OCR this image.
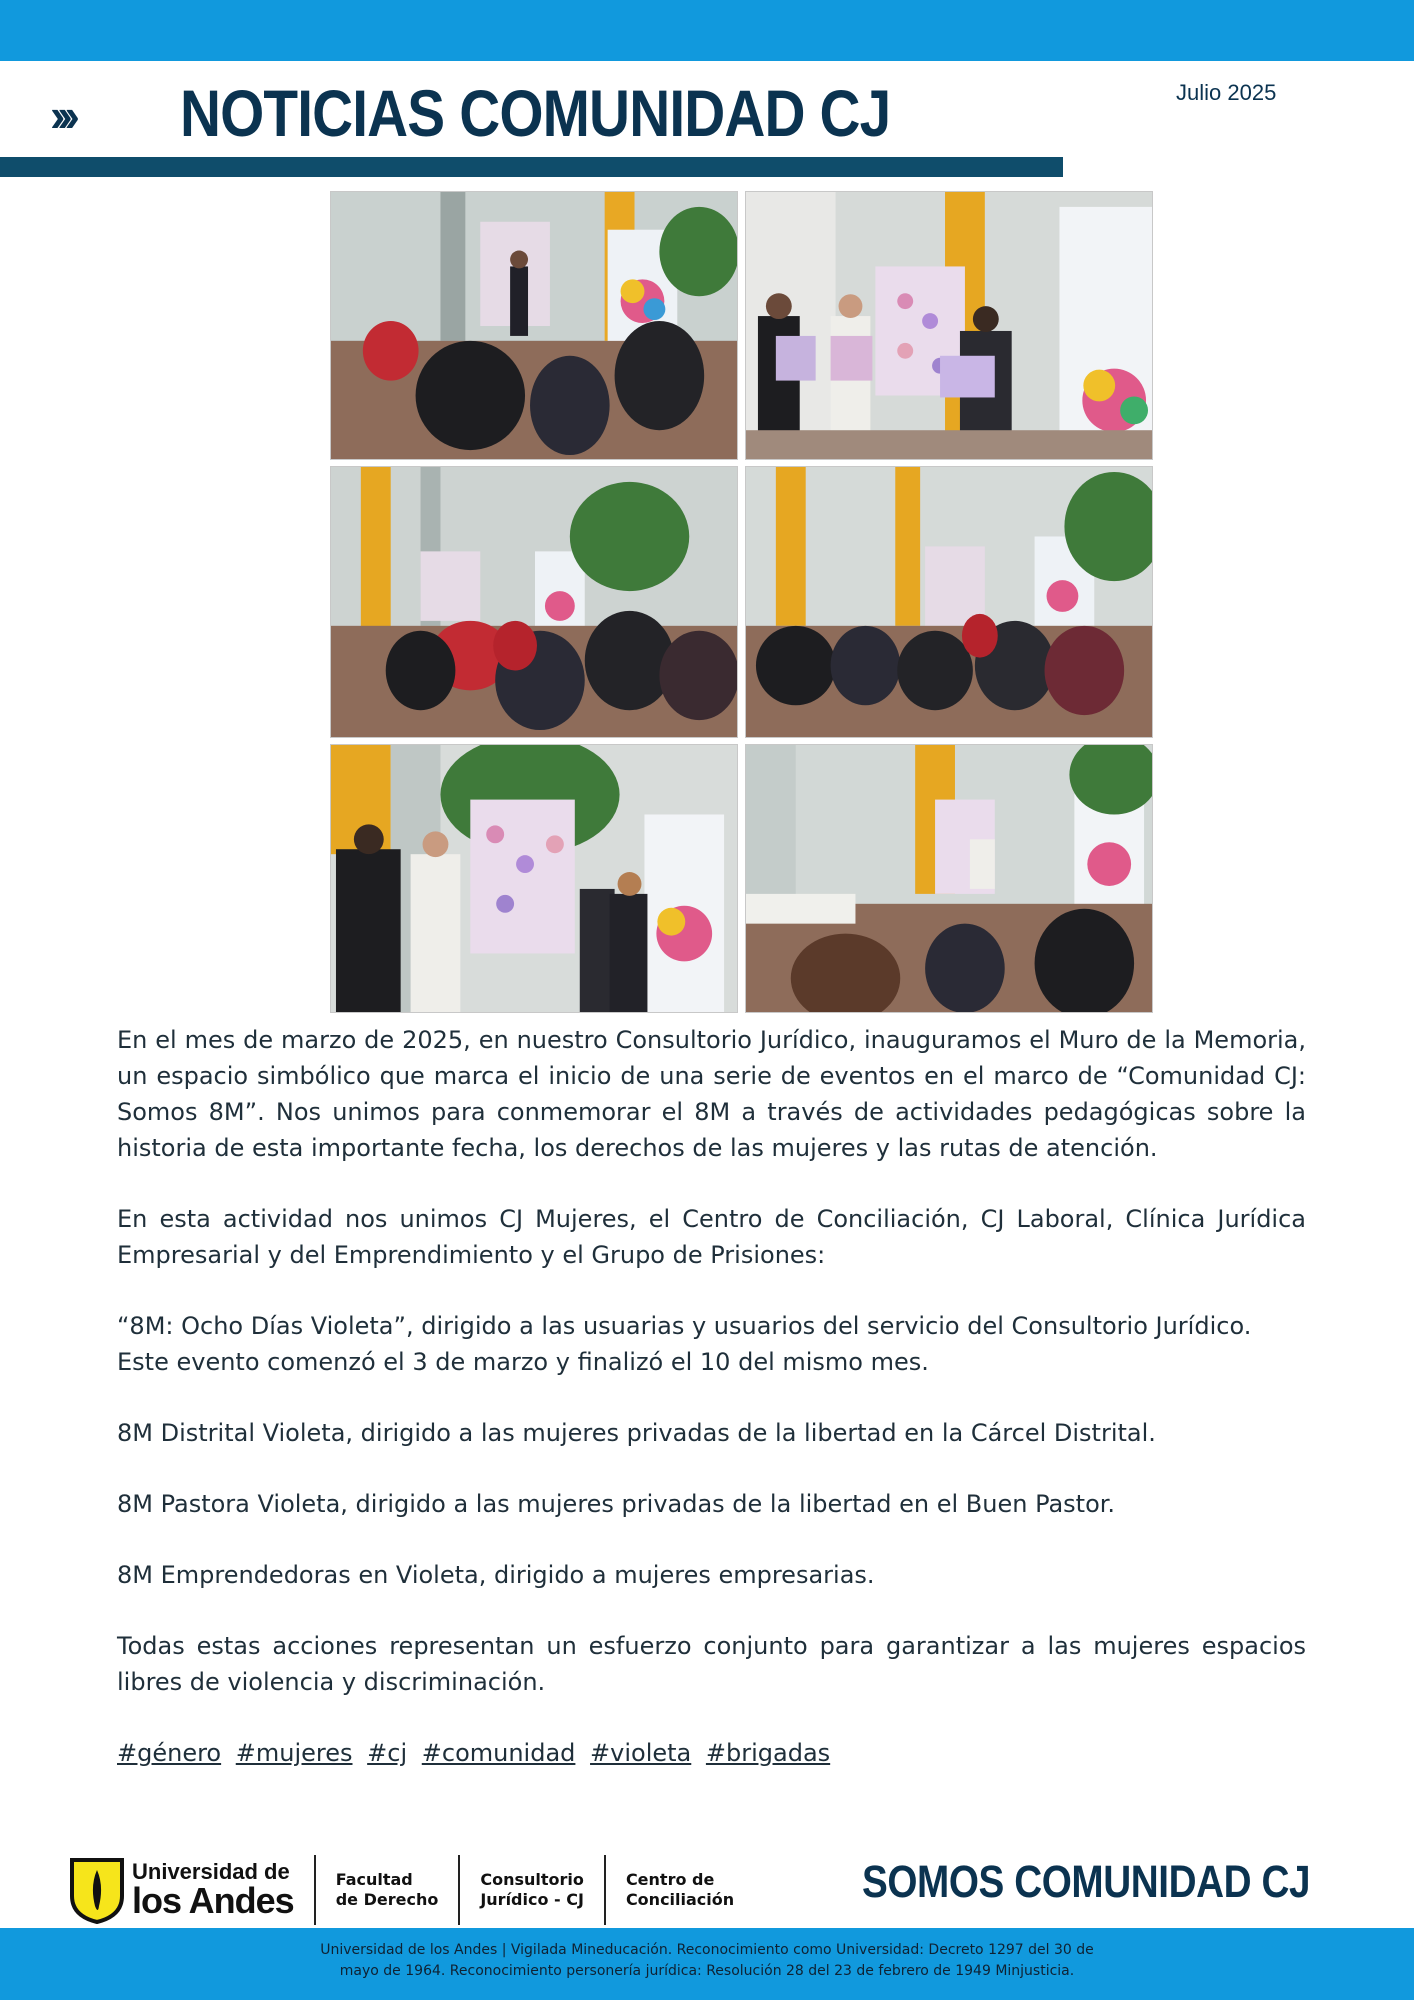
››› NOTICIAS COMUNIDAD CJ	Julio 2025

En el mes de marzo de 2025, en nuestro Consultorio Jurídico, inauguramos el Muro de la Memoria, un espacio simbólico que marca el inicio de una serie de eventos en el marco de “Comunidad CJ: Somos 8M”. Nos unimos para conmemorar el 8M a través de actividades pedagógicas sobre la historia de esta importante fecha, los derechos de las mujeres y las rutas de atención.

En esta actividad nos unimos CJ Mujeres, el Centro de Conciliación, CJ Laboral, Clínica Jurídica Empresarial y del Emprendimiento y el Grupo de Prisiones:

“8M: Ocho Días Violeta”, dirigido a las usuarias y usuarios del servicio del Consultorio Jurídico. Este evento comenzó el 3 de marzo y finalizó el 10 del mismo mes.

8M Distrital Violeta, dirigido a las mujeres privadas de la libertad en la Cárcel Distrital.

8M Pastora Violeta, dirigido a las mujeres privadas de la libertad en el Buen Pastor.

8M Emprendedoras en Violeta, dirigido a mujeres empresarias.

Todas estas acciones representan un esfuerzo conjunto para garantizar a las mujeres espacios libres de violencia y discriminación.

#género #mujeres #cj #comunidad #violeta #brigadas

Universidad de
los Andes
Facultad
de Derecho
Consultorio
Jurídico - CJ
Centro de
Conciliación	SOMOS COMUNIDAD CJ
Universidad de los Andes | Vigilada Mineducación. Reconocimiento como Universidad: Decreto 1297 del 30 de mayo de 1964. Reconocimiento personería jurídica: Resolución 28 del 23 de febrero de 1949 Minjusticia.
